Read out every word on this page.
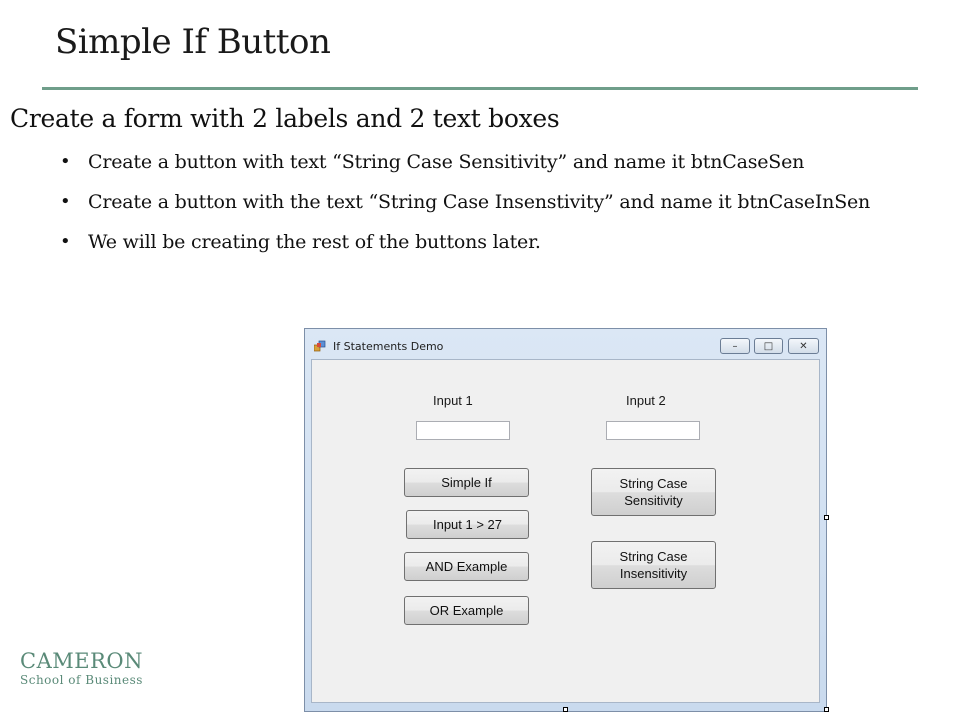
Simple If Button
Create a form with 2 labels and 2 text boxes
• Create a button with text “String Case Sensitivity” and name it btnCaseSen
• Create a button with the text “String Case Insenstivity” and name it btnCaseInSen
• We will be creating the rest of the buttons later.
If Statements Demo	–	□	✕
Input 1	Input 2
Simple If
Input 1 > 27
AND Example
OR Example
String Case
Sensitivity
String Case
Insensitivity
CAMERON
School of Business
